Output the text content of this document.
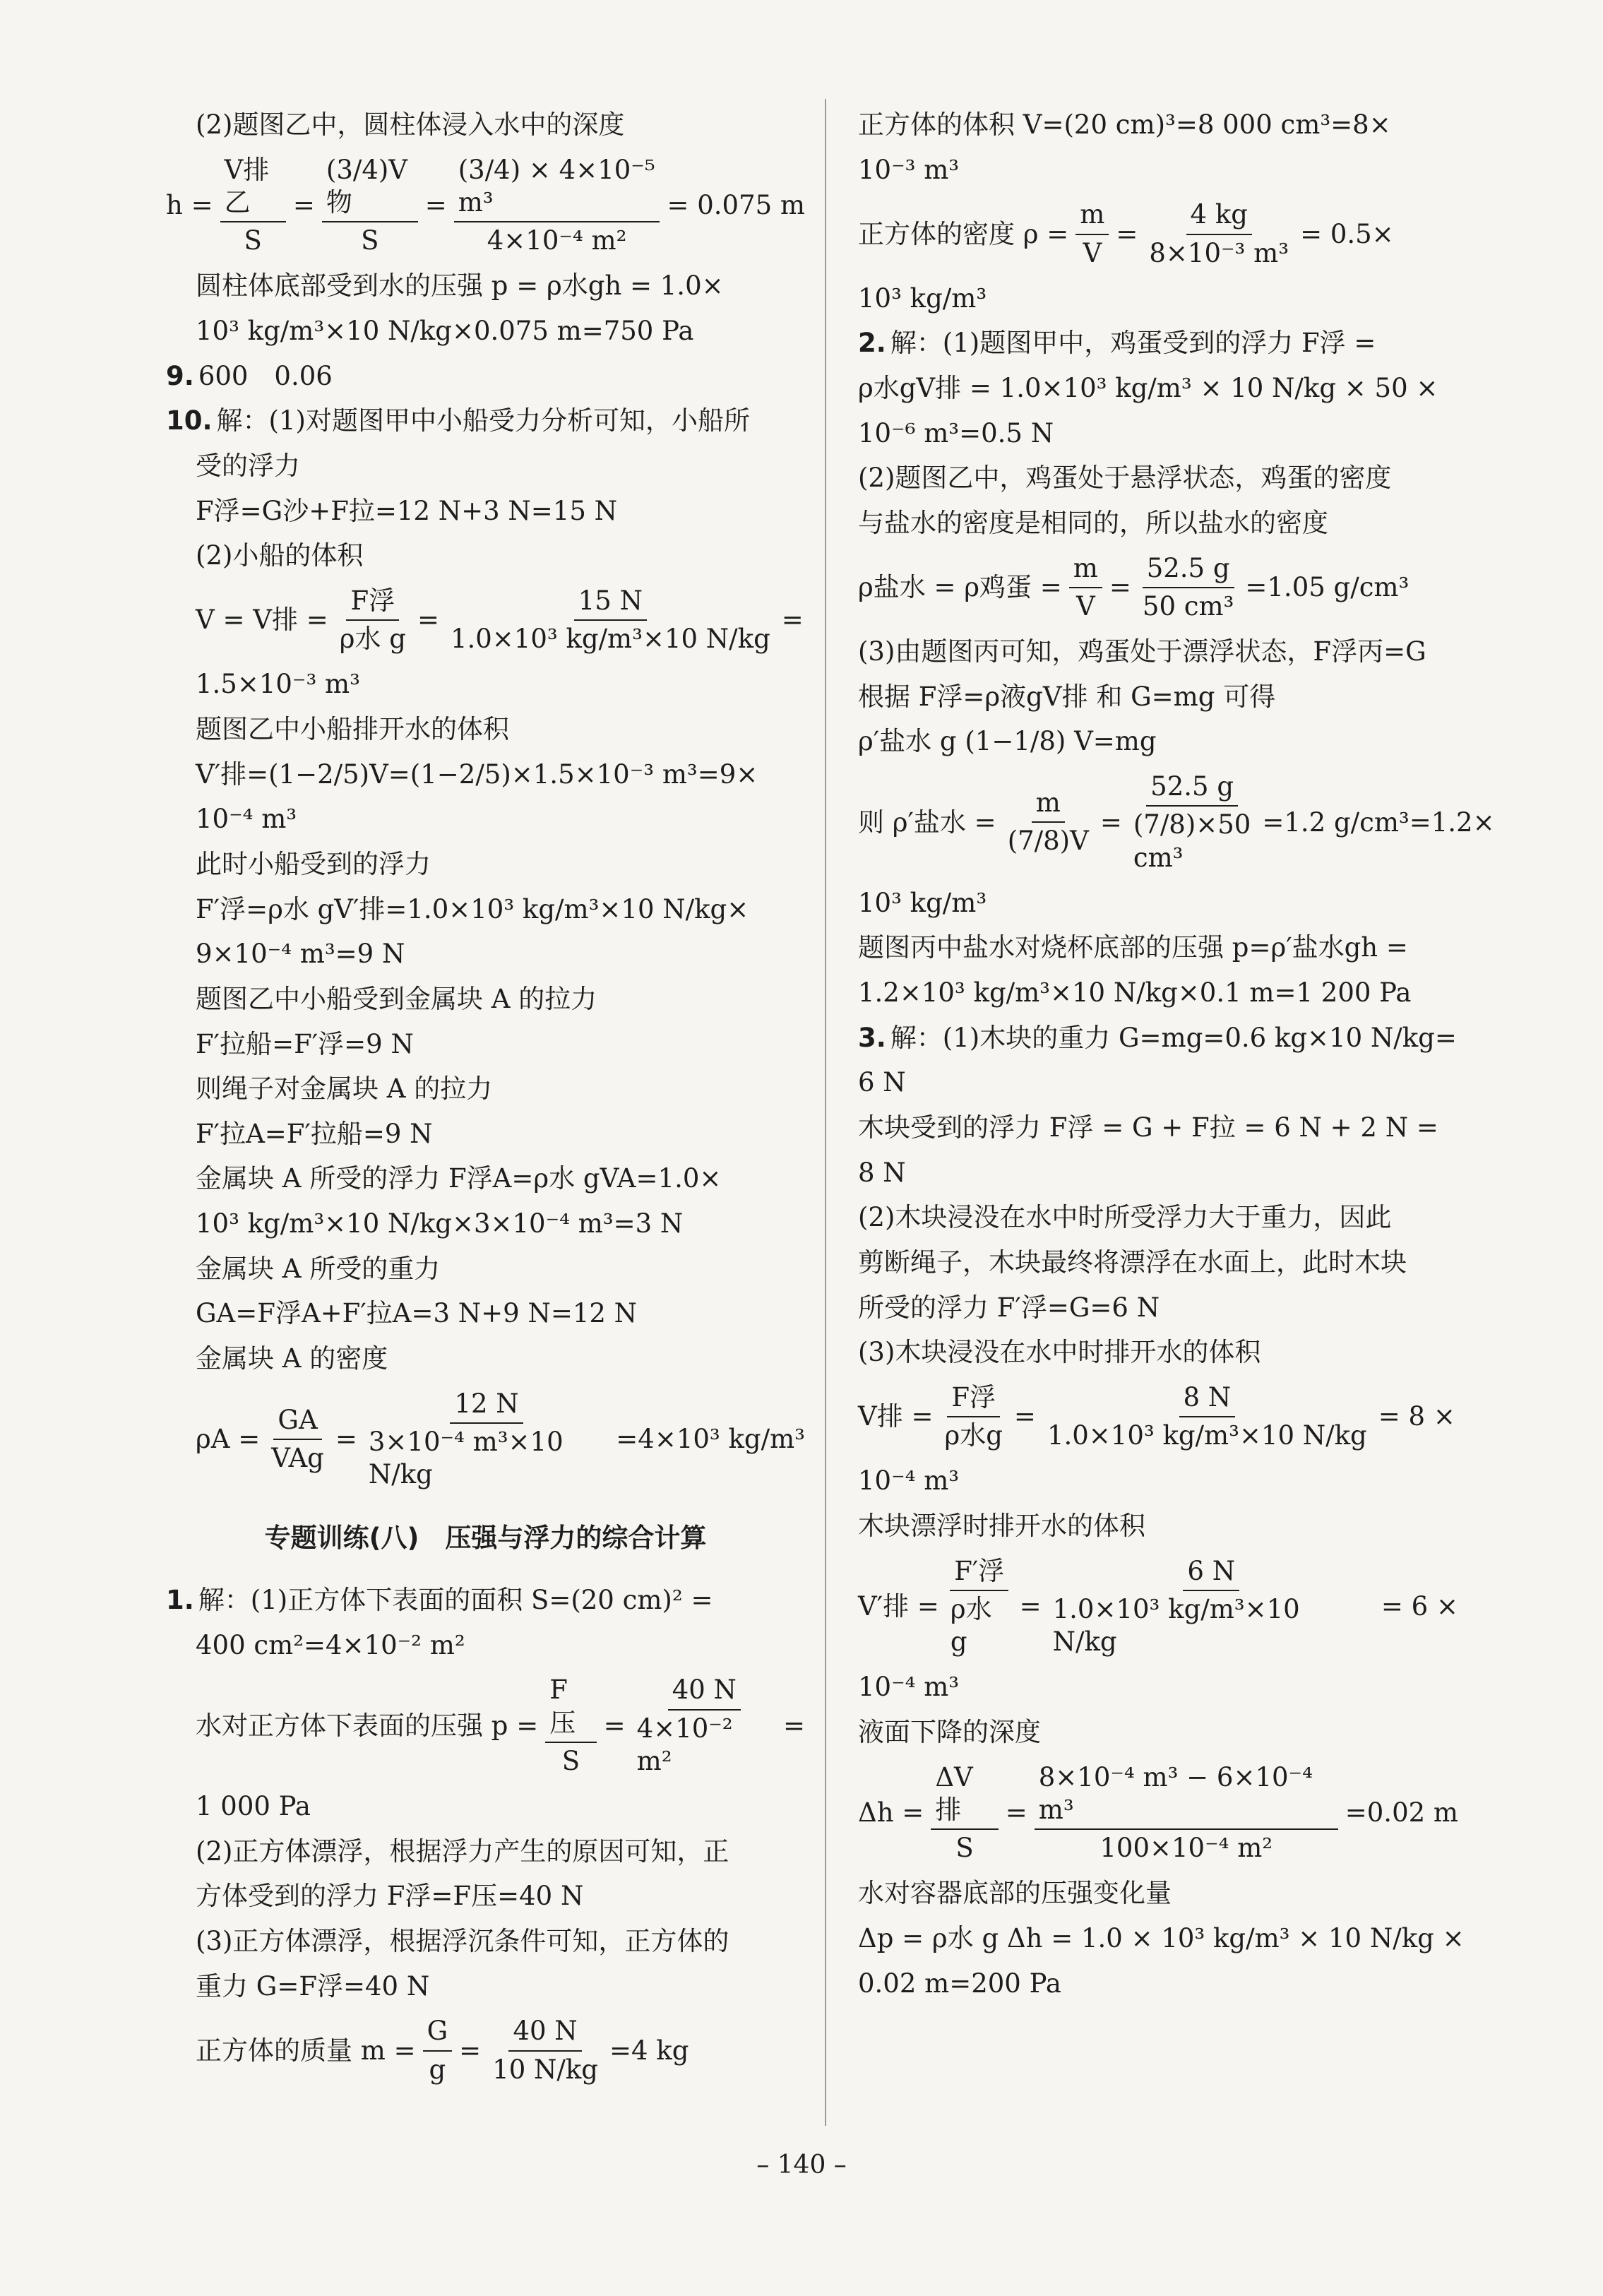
(2)题图乙中，圆柱体浸入水中的深度

$h = \frac{\text{V排乙}}{S} = \frac{\text{(3/4)V物}}{S} = \frac{\text{(3/4) × 4×10⁻⁵ m³}}{\text{4×10⁻⁴ m²}} = 0.075$ m

圆柱体底部受到水的压强 p = ρ水gh = 1.0×

10³ kg/m³×10 N/kg×0.075 m=750 Pa

9. 600　0.06

10. 解：(1)对题图甲中小船受力分析可知，小船所

受的浮力

F浮=G沙+F拉=12 N+3 N=15 N

(2)小船的体积

V = V排 = $\frac{\text{F浮}}{\text{ρ水 g}} = \frac{15 N}{\text{1.0×10³ kg/m³×10 N/kg}}$ =

1.5×10⁻³ m³

题图乙中小船排开水的体积

V′排=(1−2/5)V=(1−2/5)×1.5×10⁻³ m³=9×

10⁻⁴ m³

此时小船受到的浮力

F′浮=ρ水 gV′排=1.0×10³ kg/m³×10 N/kg×

9×10⁻⁴ m³=9 N

题图乙中小船受到金属块 A 的拉力

F′拉船=F′浮=9 N

则绳子对金属块 A 的拉力

F′拉A=F′拉船=9 N

金属块 A 所受的浮力 F浮A=ρ水 gVA=1.0×

10³ kg/m³×10 N/kg×3×10⁻⁴ m³=3 N

金属块 A 所受的重力

GA=F浮A+F′拉A=3 N+9 N=12 N

金属块 A 的密度

$\rho A = \frac{GA}{\text{VAg}} = \frac{12 N}{\text{3×10⁻⁴ m³×10 N/kg}} =4\times 10^3$ kg/m³
专题训练(八)　压强与浮力的综合计算

1. 解：(1)正方体下表面的面积 S=(20 cm)² =

400 cm²=4×10⁻² m²

水对正方体下表面的压强 $p = \frac{\text{F压}}{S} = \frac{40 N}{\text{4×10⁻² m²}}$ =

1 000 Pa

(2)正方体漂浮，根据浮力产生的原因可知，正

方体受到的浮力 F浮=F压=40 N

(3)正方体漂浮，根据浮沉条件可知，正方体的

重力 G=F浮=40 N

正方体的质量 $m = \frac{G}{g} = \frac{40 N}{10 N/kg} =4$ kg

正方体的体积 V=(20 cm)³=8 000 cm³=8×

10⁻³ m³

正方体的密度 $\rho = \frac{m}{V} = \frac{4 kg}{\text{8×10⁻³ m³}} = 0.5\times$

10³ kg/m³

2. 解：(1)题图甲中，鸡蛋受到的浮力 F浮 =

ρ水gV排 = 1.0×10³ kg/m³ × 10 N/kg × 50 ×

10⁻⁶ m³=0.5 N

(2)题图乙中，鸡蛋处于悬浮状态，鸡蛋的密度

与盐水的密度是相同的，所以盐水的密度

ρ盐水 = ρ鸡蛋 = $\frac{m}{V} = \frac{52.5 g}{\text{50 cm³}} =1.05$ g/cm³

(3)由题图丙可知，鸡蛋处于漂浮状态，F浮丙=G

根据 F浮=ρ液gV排 和 G=mg 可得

ρ′盐水 g (1−1/8) V=mg

则 ρ′盐水 = $\frac{m}{(7/8)V} = \frac{52.5 g}{\text{(7/8)×50 cm³}} =1.2$ g/cm³=1.2×

10³ kg/m³

题图丙中盐水对烧杯底部的压强 p=ρ′盐水gh =

1.2×10³ kg/m³×10 N/kg×0.1 m=1 200 Pa

3. 解：(1)木块的重力 G=mg=0.6 kg×10 N/kg=

6 N

木块受到的浮力 F浮 = G + F拉 = 6 N + 2 N =

8 N

(2)木块浸没在水中时所受浮力大于重力，因此

剪断绳子，木块最终将漂浮在水面上，此时木块

所受的浮力 F′浮=G=6 N

(3)木块浸没在水中时排开水的体积

V排 = $\frac{\text{F浮}}{\text{ρ水g}} = \frac{8 N}{\text{1.0×10³ kg/m³×10 N/kg}} = 8$ ×

10⁻⁴ m³

木块漂浮时排开水的体积

V′排 = $\frac{\text{F′浮}}{\text{ρ水g}} = \frac{6 N}{\text{1.0×10³ kg/m³×10 N/kg}} = 6$ ×

10⁻⁴ m³

液面下降的深度

$\Delta h = \frac{\text{ΔV排}}{S} = \frac{\text{8×10⁻⁴ m³ − 6×10⁻⁴ m³}}{\text{100×10⁻⁴ m²}} =0.02$ m

水对容器底部的压强变化量

Δp = ρ水 g Δh = 1.0 × 10³ kg/m³ × 10 N/kg ×

0.02 m=200 Pa

– 140 –
